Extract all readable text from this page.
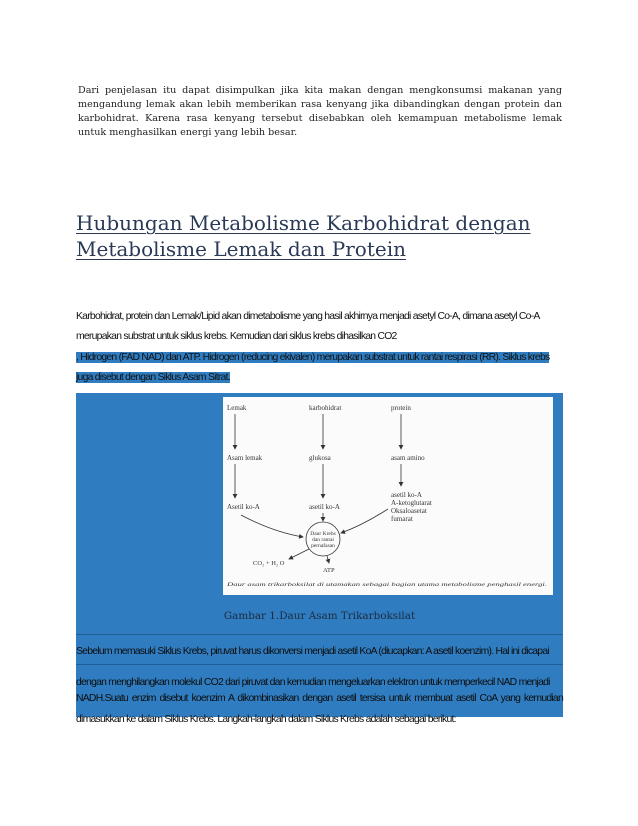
Dari penjelasan itu dapat disimpulkan jika kita makan dengan mengkonsumsi makanan yang mengandung lemak akan lebih memberikan rasa kenyang jika dibandingkan dengan protein dan karbohidrat. Karena rasa kenyang tersebut disebabkan oleh kemampuan metabolisme lemak untuk menghasilkan energi yang lebih besar.
Hubungan Metabolisme Karbohidrat dengan Metabolisme Lemak dan Protein
Karbohidrat, protein dan Lemak/Lipid akan dimetabolisme yang hasil akhirnya menjadi asetyl Co-A, dimana asetyl Co-A merupakan substrat untuk siklus krebs. Kemudian dari siklus krebs dihasilkan CO2
, Hidrogen (FAD NAD) dan ATP. Hidrogen (reducing ekivalen) merupakan substrat untuk rantai respirasi (RR). Siklus krebs juga disebut dengan Siklus Asam Sitrat.
Lemak	karbohidrat	protein
Asam lemak	glukosa	asam amino
Asetil ko-A	asetil ko-A
asetil ko-A
A-ketoglutarat
Oksaloasetat
fumarat
Daur Krebs
dan rantai
pernafasan
CO₂ + H₂ O
ATP
Daur asam trikarboksilat di utamakan sebagai bagian utama metabolisme penghasil energi.
Gambar 1.Daur Asam Trikarboksilat
Sebelum memasuki Siklus Krebs, piruvat harus dikonversi menjadi asetil KoA (diucapkan: A asetil koenzim). Hal ini dicapai
dengan menghilangkan molekul CO2 dari piruvat dan kemudian mengeluarkan elektron untuk memperkecil NAD menjadi
NADH.Suatu enzim disebut koenzim A dikombinasikan dengan asetil tersisa untuk membuat asetil CoA yang kemudian dimasukkan ke dalam Siklus Krebs. Langkah-langkah dalam Siklus Krebs adalah sebagai berikut:
